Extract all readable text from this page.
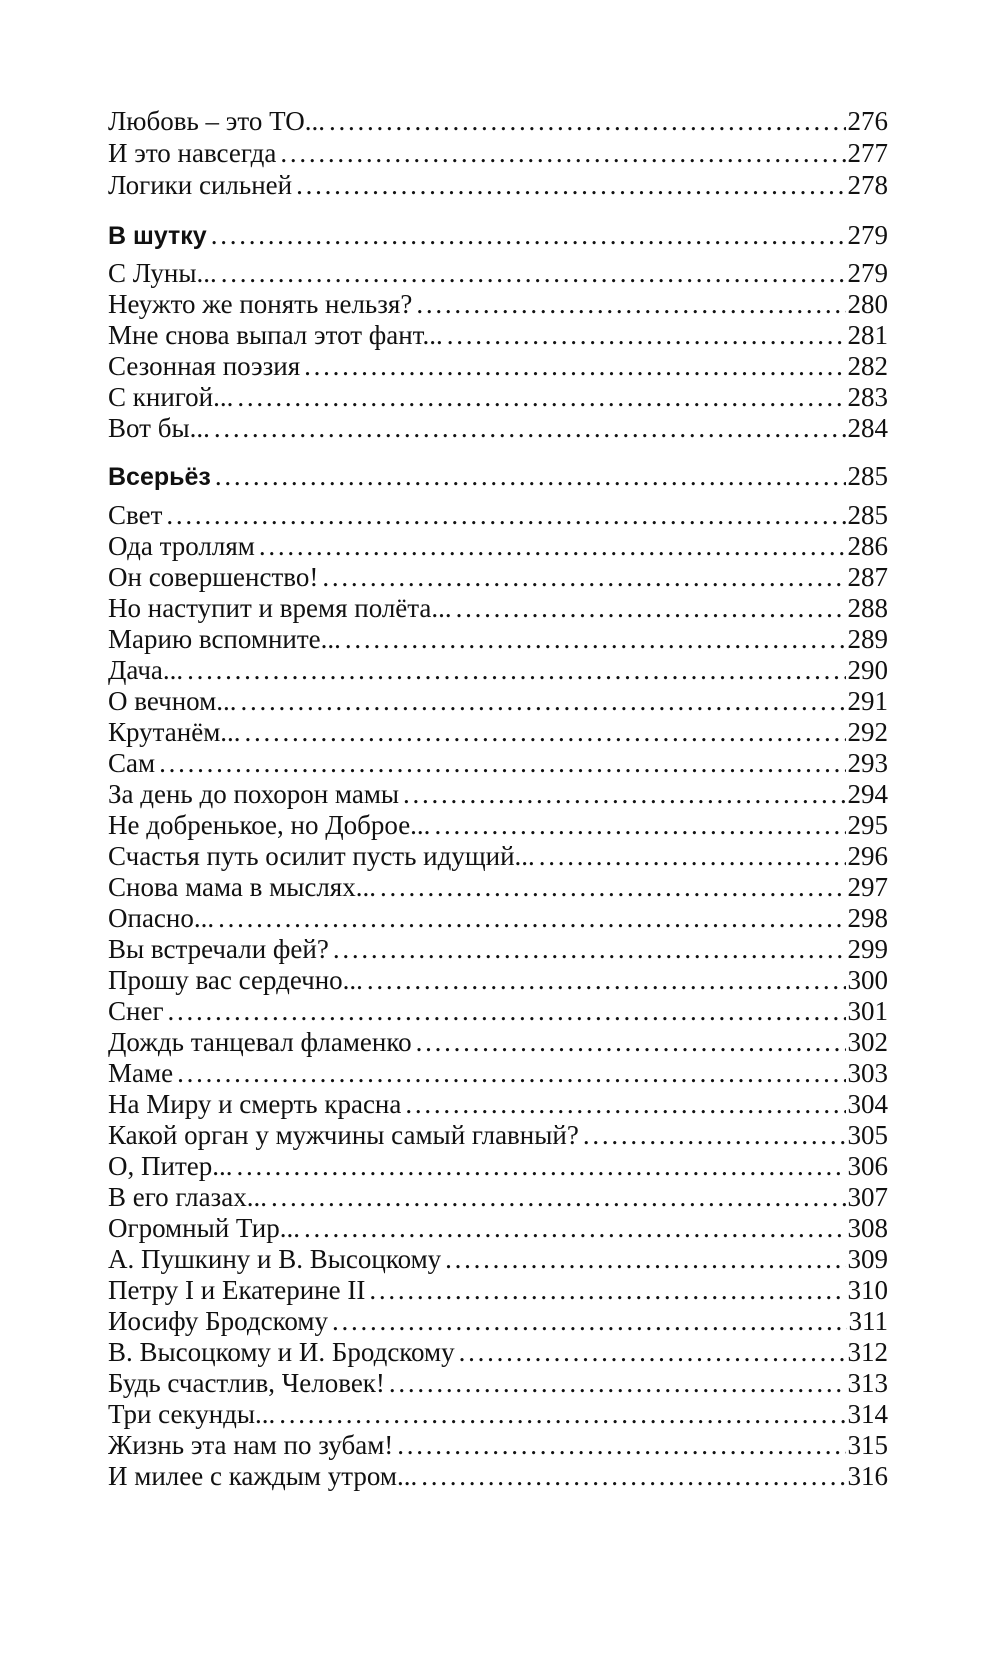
Любовь – это ТО... . . .	276
И это навсегда . . .	277
Логики сильней . . .	278
В шутку . . .	279
С Луны... . . .	279
Неужто же понять нельзя? . . .	280
Мне снова выпал этот фант... . . .	281
Сезонная поэзия . . .	282
С книгой... . . .	283
Вот бы... . . .	284
Всерьёз . . .	285
Свет . . .	285
Ода троллям . . .	286
Он совершенство! . . .	287
Но наступит и время полёта... . . .	288
Марию вспомните... . . .	289
Дача... . . .	290
О вечном... . . .	291
Крутанём... . . .	292
Сам . . .	293
За день до похорон мамы . . .	294
Не добренькое, но Доброе... . . .	295
Счастья путь осилит пусть идущий... . . .	296
Снова мама в мыслях... . . .	297
Опасно... . . .	298
Вы встречали фей? . . .	299
Прошу вас сердечно... . . .	300
Снег . . .	301
Дождь танцевал фламенко . . .	302
Маме . . .	303
На Миру и смерть красна . . .	304
Какой орган у мужчины самый главный? . . .	305
О, Питер... . . .	306
В его глазах... . . .	307
Огромный Тир... . . .	308
А. Пушкину и В. Высоцкому . . .	309
Петру I и Екатерине II . . .	310
Иосифу Бродскому . . .	311
В. Высоцкому и И. Бродскому . . .	312
Будь счастлив, Человек! . . .	313
Три секунды... . . .	314
Жизнь эта нам по зубам! . . .	315
И милее с каждым утром... . . .	316
